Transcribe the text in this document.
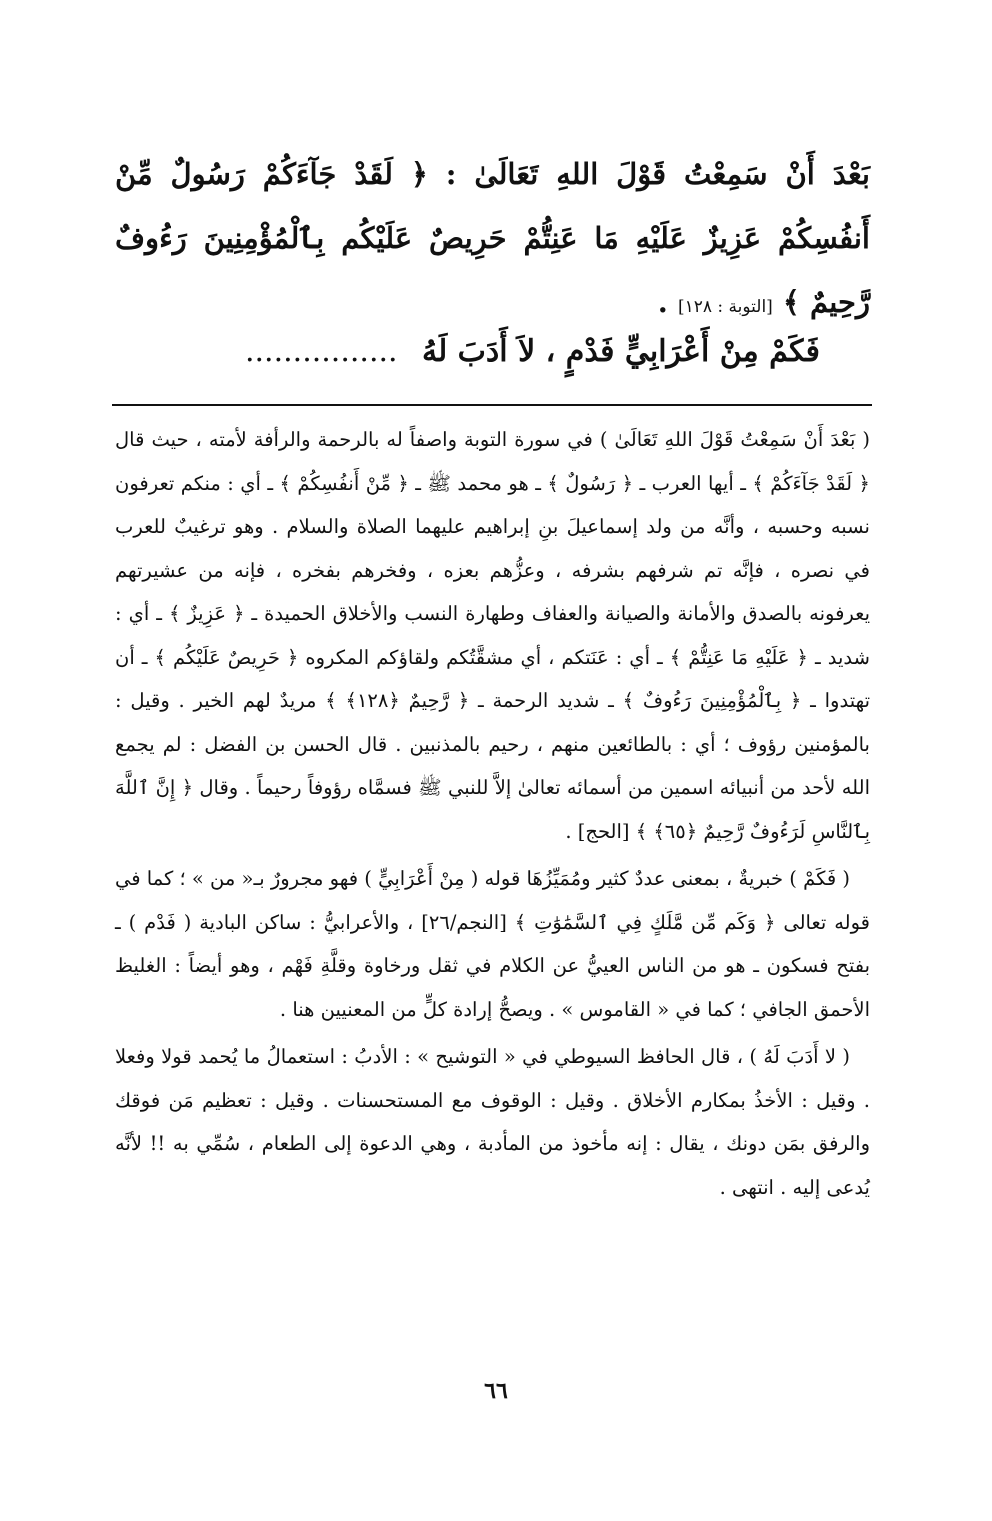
بَعْدَ أَنْ سَمِعْتُ قَوْلَ اللهِ تَعَالَىٰ : ﴿ لَقَدْ جَآءَكُمْ رَسُولٌ مِّنْ أَنفُسِكُمْ عَزِيزٌ عَلَيْهِ مَا عَنِتُّمْ حَرِيصٌ عَلَيْكُم بِٱلْمُؤْمِنِينَ رَءُوفٌ رَّحِيمٌ ﴾ [التوبة : ١٢٨] .

فَكَمْ مِنْ أَعْرَابِيٍّ فَدْمٍ ، لاَ أَدَبَ لَهُ ................

( بَعْدَ أَنْ سَمِعْتُ قَوْلَ اللهِ تَعَالَىٰ ) في سورة التوبة واصفاً له بالرحمة والرأفة لأمته ، حيث قال ﴿ لَقَدْ جَآءَكُمْ ﴾ ـ أيها العرب ـ ﴿ رَسُولٌ ﴾ ـ هو محمد ﷺ ـ ﴿ مِّنْ أَنفُسِكُمْ ﴾ ـ أي : منكم تعرفون نسبه وحسبه ، وأنَّه من ولد إسماعيلَ بنِ إبراهيم عليهما الصلاة والسلام . وهو ترغيبٌ للعرب في نصره ، فإنَّه تم شرفهم بشرفه ، وعزُّهم بعزه ، وفخرهم بفخره ، فإنه من عشيرتهم يعرفونه بالصدق والأمانة والصيانة والعفاف وطهارة النسب والأخلاق الحميدة ـ ﴿ عَزِيزٌ ﴾ ـ أي : شديد ـ ﴿ عَلَيْهِ مَا عَنِتُّمْ ﴾ ـ أي : عَنَتكم ، أي مشقَّتُكم ولقاؤكم المكروه ﴿ حَرِيصٌ عَلَيْكُم ﴾ ـ أن تهتدوا ـ ﴿ بِٱلْمُؤْمِنِينَ رَءُوفٌ ﴾ ـ شديد الرحمة ـ ﴿ رَّحِيمٌ ﴿١٢٨﴾ ﴾ مريدٌ لهم الخير . وقيل : بالمؤمنين رؤوف ؛ أي : بالطائعين منهم ، رحيم بالمذنبين . قال الحسن بن الفضل : لم يجمع الله لأحد من أنبيائه اسمين من أسمائه تعالىٰ إلاَّ للنبي ﷺ فسمَّاه رؤوفاً رحيماً . وقال ﴿ إِنَّ ٱللَّهَ بِٱلنَّاسِ لَرَءُوفٌ رَّحِيمٌ ﴿٦٥﴾ ﴾ [الحج] .

( فَكَمْ ) خبريةٌ ، بمعنى عددٌ كثير ومُمَيِّزُهَا قوله ( مِنْ أَعْرَابِيٍّ ) فهو مجرورٌ بـ« من » ؛ كما في قوله تعالى ﴿ وَكَم مِّن مَّلَكٍ فِي ٱلسَّمَٰوَٰتِ ﴾ [النجم/٢٦] ، والأعرابيُّ : ساكن البادية ( فَدْم ) ـ بفتح فسكون ـ هو من الناس العييُّ عن الكلام في ثقل ورخاوة وقلَّةِ فَهْم ، وهو أيضاً : الغليظ الأحمق الجافي ؛ كما في « القاموس » . ويصحُّ إرادة كلٍّ من المعنيين هنا .

( لا أَدَبَ لَهُ ) ، قال الحافظ السيوطي في « التوشيح » : الأدبُ : استعمالُ ما يُحمد قولا وفعلا . وقيل : الأخذُ بمكارم الأخلاق . وقيل : الوقوف مع المستحسنات . وقيل : تعظيم مَن فوقك والرفق بمَن دونك ، يقال : إنه مأخوذ من المأدبة ، وهي الدعوة إلى الطعام ، سُمِّي به !! لأنَّه يُدعى إليه . انتهى .

٦٦
